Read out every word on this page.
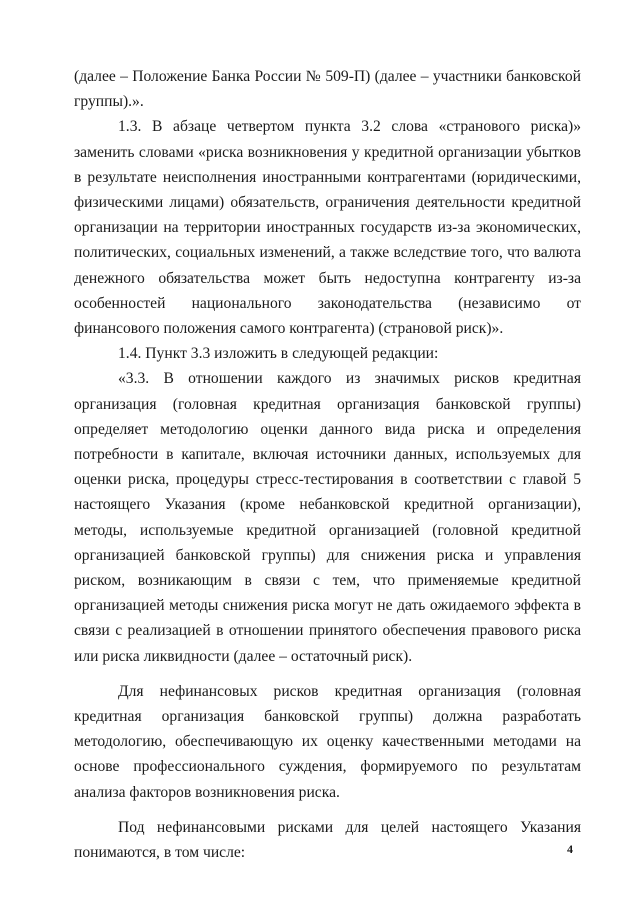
(далее – Положение Банка России № 509-П) (далее – участники банковской группы).».

1.3. В абзаце четвертом пункта 3.2 слова «странового риска)» заменить словами «риска возникновения у кредитной организации убытков в результате неисполнения иностранными контрагентами (юридическими, физическими лицами) обязательств, ограничения деятельности кредитной организации на территории иностранных государств из-за экономических, политических, социальных изменений, а также вследствие того, что валюта денежного обязательства может быть недоступна контрагенту из-за особенностей национального законодательства (независимо от финансового положения самого контрагента) (страновой риск)».

1.4. Пункт 3.3 изложить в следующей редакции:

«3.3. В отношении каждого из значимых рисков кредитная организация (головная кредитная организация банковской группы) определяет методологию оценки данного вида риска и определения потребности в капитале, включая источники данных, используемых для оценки риска, процедуры стресс-тестирования в соответствии с главой 5 настоящего Указания (кроме небанковской кредитной организации), методы, используемые кредитной организацией (головной кредитной организацией банковской группы) для снижения риска и управления риском, возникающим в связи с тем, что применяемые кредитной организацией методы снижения риска могут не дать ожидаемого эффекта в связи с реализацией в отношении принятого обеспечения правового риска или риска ликвидности (далее – остаточный риск).

Для нефинансовых рисков кредитная организация (головная кредитная организация банковской группы) должна разработать методологию, обеспечивающую их оценку качественными методами на основе профессионального суждения, формируемого по результатам анализа факторов возникновения риска.

Под нефинансовыми рисками для целей настоящего Указания понимаются, в том числе:	4
